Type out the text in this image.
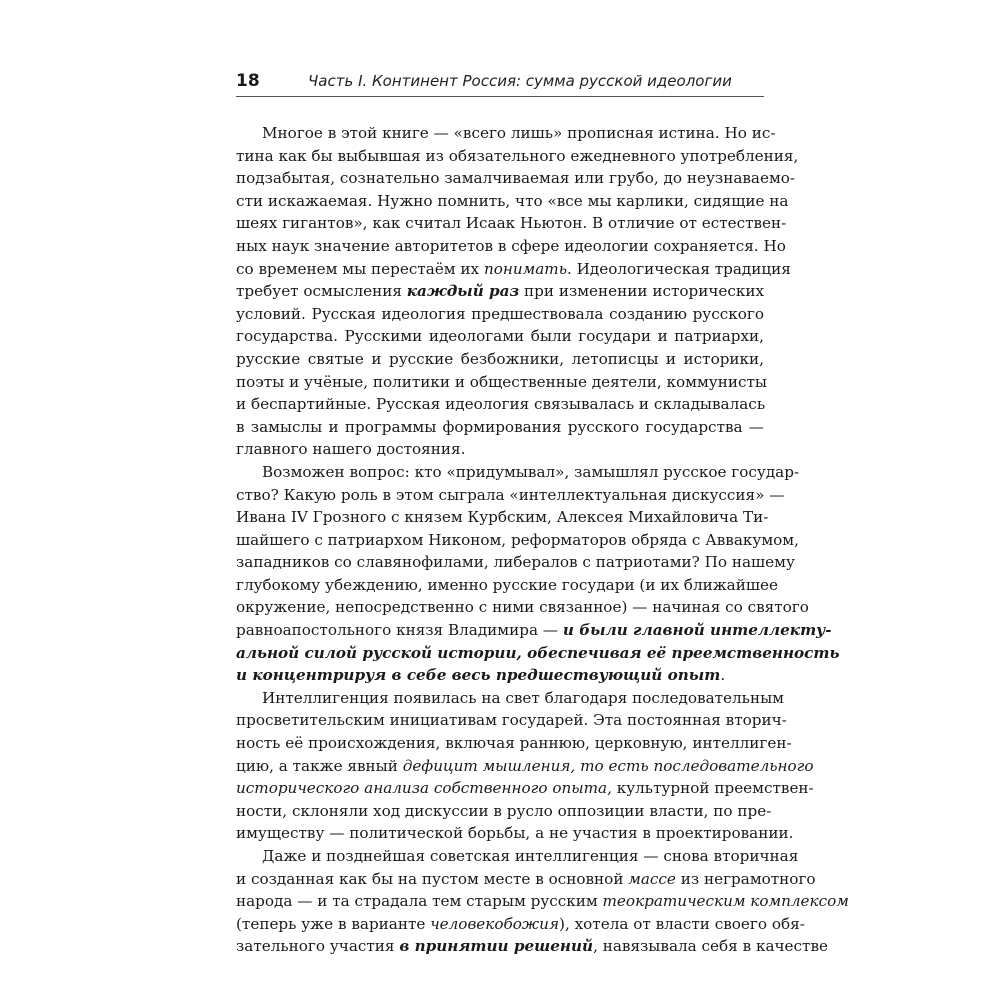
18	Часть I. Континент Россия: сумма русской идеологии
Многое в этой книге — «всего лишь» прописная истина. Но ис-
тина как бы выбывшая из обязательного ежедневного употребления,
подзабытая, сознательно замалчиваемая или грубо, до неузнаваемо-
сти искажаемая. Нужно помнить, что «все мы карлики, сидящие на
шеях гигантов», как считал Исаак Ньютон. В отличие от естествен-
ных наук значение авторитетов в сфере идеологии сохраняется. Но
со временем мы перестаём их понимать. Идеологическая традиция
требует осмысления каждый раз при изменении исторических
условий. Русская идеология предшествовала созданию русского
государства. Русскими идеологами были государи и патриархи,
русские святые и русские безбожники, летописцы и историки,
поэты и учёные, политики и общественные деятели, коммунисты
и беспартийные. Русская идеология связывалась и складывалась
в замыслы и программы формирования русского государства —
главного нашего достояния.
Возможен вопрос: кто «придумывал», замышлял русское государ-
ство? Какую роль в этом сыграла «интеллектуальная дискуссия» —
Ивана IV Грозного с князем Курбским, Алексея Михайловича Ти-
шайшего с патриархом Никоном, реформаторов обряда с Аввакумом,
западников со славянофилами, либералов с патриотами? По нашему
глубокому убеждению, именно русские государи (и их ближайшее
окружение, непосредственно с ними связанное) — начиная со святого
равноапостольного князя Владимира — и были главной интеллекту-
альной силой русской истории, обеспечивая её преемственность
и концентрируя в себе весь предшествующий опыт.
Интеллигенция появилась на свет благодаря последовательным
просветительским инициативам государей. Эта постоянная вторич-
ность её происхождения, включая раннюю, церковную, интеллиген-
цию, а также явный дефицит мышления, то есть последовательного
исторического анализа собственного опыта, культурной преемствен-
ности, склоняли ход дискуссии в русло оппозиции власти, по пре-
имуществу — политической борьбы, а не участия в проектировании.
Даже и позднейшая советская интеллигенция — снова вторичная
и созданная как бы на пустом месте в основной массе из неграмотного
народа — и та страдала тем старым русским теократическим комплексом
(теперь уже в варианте человекобожия), хотела от власти своего обя-
зательного участия в принятии решений, навязывала себя в качестве
